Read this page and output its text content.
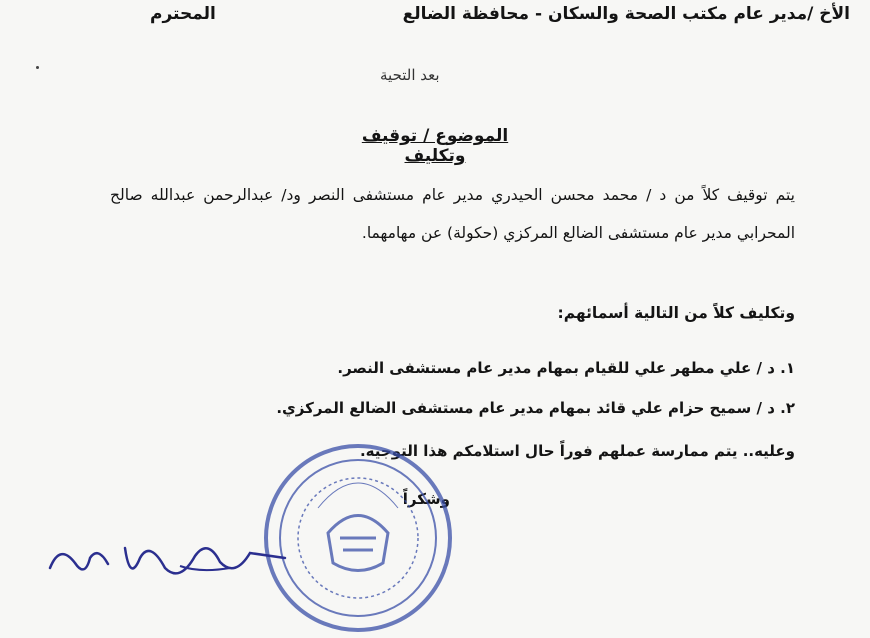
الأخ /مدير عام مكتب الصحة والسكان - محافظة الضالع
المحترم
بعد التحية
الموضوع / توقيف وتكليف
يتم توقيف كلاً من د / محمد محسن الحيدري مدير عام مستشفى النصر ود/ عبدالرحمن عبدالله صالح المحرابي مدير عام مستشفى الضالع المركزي (حكولة) عن مهامهما.
وتكليف كلاً من التالية أسمائهم:
١. د / علي مطهر علي للقيام بمهام مدير عام مستشفى النصر.
٢. د / سميح حزام علي قائد بمهام مدير عام مستشفى الضالع المركزي.
وعليه.. يتم ممارسة عملهم فوراً حال استلامكم هذا التوجيه.
وشكراً
